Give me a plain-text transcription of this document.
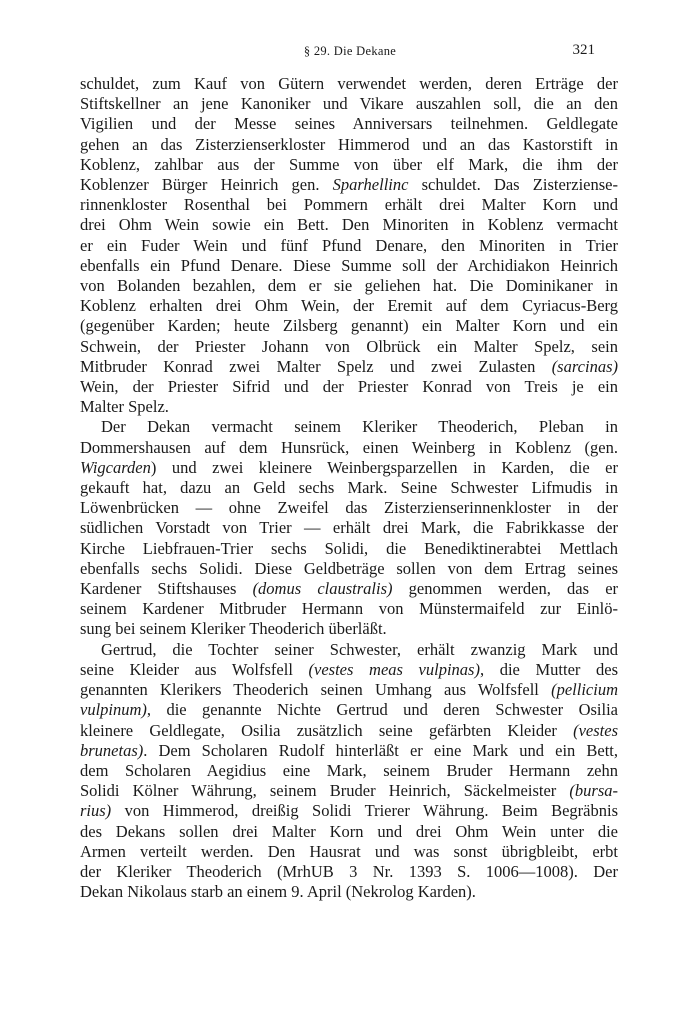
§ 29. Die Dekane	321
schuldet, zum Kauf von Gütern verwendet werden, deren Erträge der
Stiftskellner an jene Kanoniker und Vikare auszahlen soll, die an den
Vigilien und der Messe seines Anniversars teilnehmen. Geldlegate
gehen an das Zisterzienserkloster Himmerod und an das Kastorstift in
Koblenz, zahlbar aus der Summe von über elf Mark, die ihm der
Koblenzer Bürger Heinrich gen. Sparhellinc schuldet. Das Zisterziense-
rinnenkloster Rosenthal bei Pommern erhält drei Malter Korn und
drei Ohm Wein sowie ein Bett. Den Minoriten in Koblenz vermacht
er ein Fuder Wein und fünf Pfund Denare, den Minoriten in Trier
ebenfalls ein Pfund Denare. Diese Summe soll der Archidiakon Heinrich
von Bolanden bezahlen, dem er sie geliehen hat. Die Dominikaner in
Koblenz erhalten drei Ohm Wein, der Eremit auf dem Cyriacus-Berg
(gegenüber Karden; heute Zilsberg genannt) ein Malter Korn und ein
Schwein, der Priester Johann von Olbrück ein Malter Spelz, sein
Mitbruder Konrad zwei Malter Spelz und zwei Zulasten (sarcinas)
Wein, der Priester Sifrid und der Priester Konrad von Treis je ein
Malter Spelz.
Der Dekan vermacht seinem Kleriker Theoderich, Pleban in
Dommershausen auf dem Hunsrück, einen Weinberg in Koblenz (gen.
Wigcarden) und zwei kleinere Weinbergsparzellen in Karden, die er
gekauft hat, dazu an Geld sechs Mark. Seine Schwester Lifmudis in
Löwenbrücken — ohne Zweifel das Zisterzienserinnenkloster in der
südlichen Vorstadt von Trier — erhält drei Mark, die Fabrikkasse der
Kirche Liebfrauen-Trier sechs Solidi, die Benediktinerabtei Mettlach
ebenfalls sechs Solidi. Diese Geldbeträge sollen von dem Ertrag seines
Kardener Stiftshauses (domus claustralis) genommen werden, das er
seinem Kardener Mitbruder Hermann von Münstermaifeld zur Einlö-
sung bei seinem Kleriker Theoderich überläßt.
Gertrud, die Tochter seiner Schwester, erhält zwanzig Mark und
seine Kleider aus Wolfsfell (vestes meas vulpinas), die Mutter des
genannten Klerikers Theoderich seinen Umhang aus Wolfsfell (pellicium
vulpinum), die genannte Nichte Gertrud und deren Schwester Osilia
kleinere Geldlegate, Osilia zusätzlich seine gefärbten Kleider (vestes
brunetas). Dem Scholaren Rudolf hinterläßt er eine Mark und ein Bett,
dem Scholaren Aegidius eine Mark, seinem Bruder Hermann zehn
Solidi Kölner Währung, seinem Bruder Heinrich, Säckelmeister (bursa-
rius) von Himmerod, dreißig Solidi Trierer Währung. Beim Begräbnis
des Dekans sollen drei Malter Korn und drei Ohm Wein unter die
Armen verteilt werden. Den Hausrat und was sonst übrigbleibt, erbt
der Kleriker Theoderich (MrhUB 3 Nr. 1393 S. 1006—1008). Der
Dekan Nikolaus starb an einem 9. April (Nekrolog Karden).
